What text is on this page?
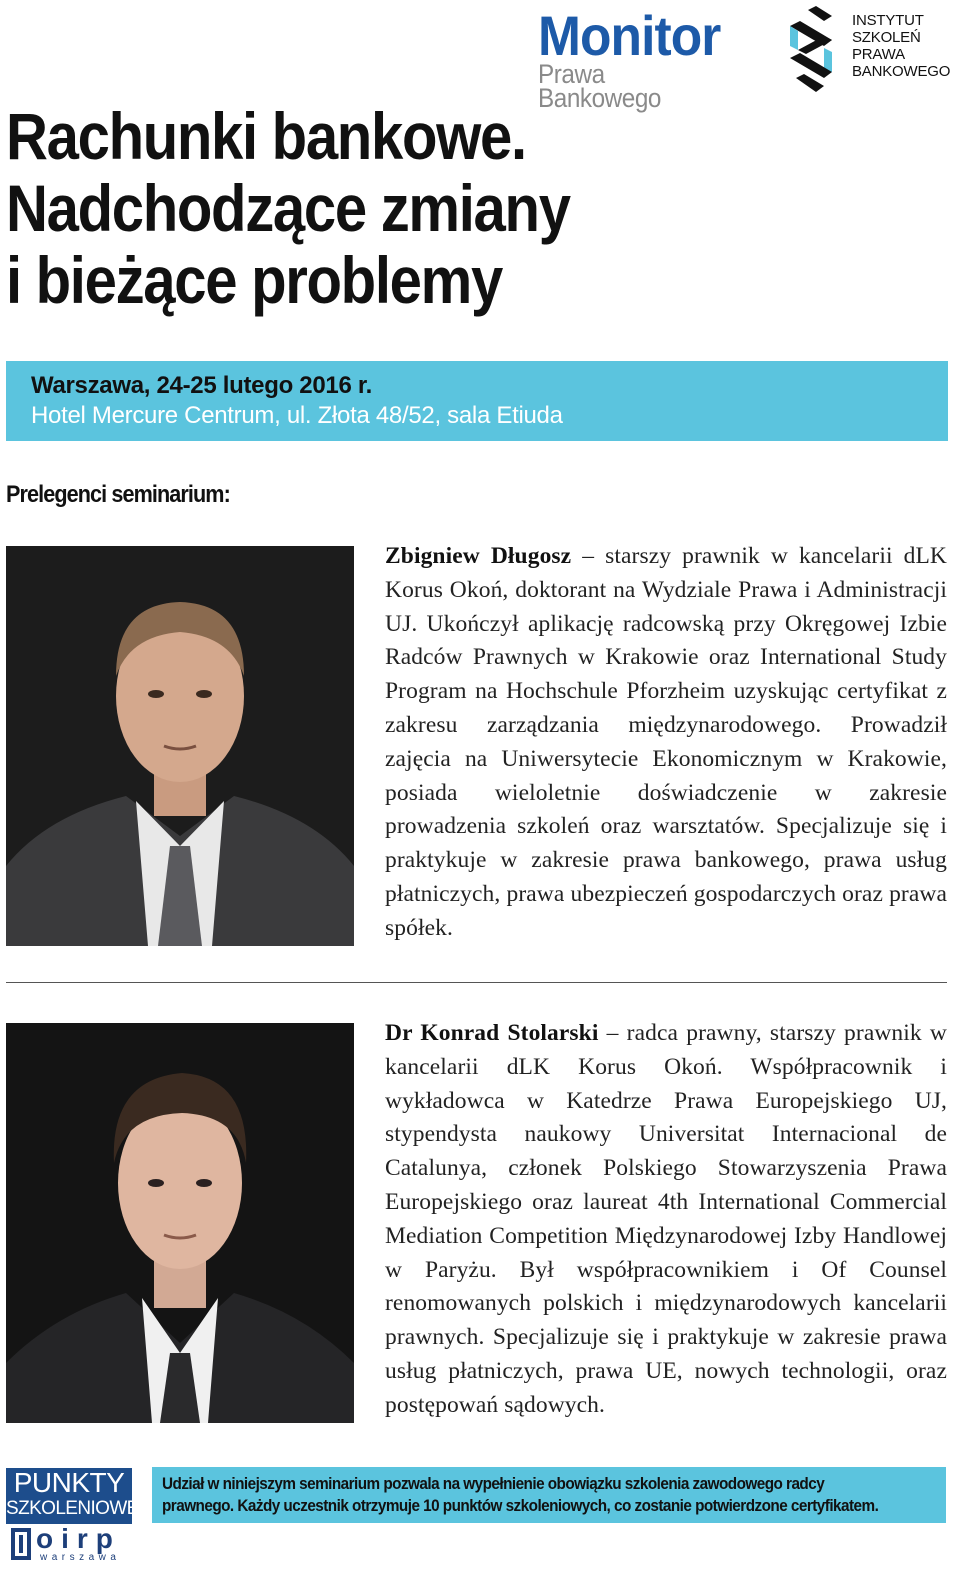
Monitor
Prawa Bankowego
INSTYTUT
SZKOLEŃ
PRAWA
BANKOWEGO
Rachunki bankowe.
Nadchodzące zmiany
i bieżące problemy
Warszawa, 24-25 lutego 2016 r.
Hotel Mercure Centrum, ul. Złota 48/52, sala Etiuda
Prelegenci seminarium:
Zbigniew Długosz – starszy prawnik w kancelarii dLK Korus Okoń, doktorant na Wydziale Prawa i Administracji UJ. Ukończył aplikację radcowską przy Okręgowej Izbie Radców Prawnych w Krakowie oraz International Study Program na Hochschule Pforzheim uzyskując certyfikat z zakresu zarządzania międzynarodowego. Prowadził zajęcia na Uniwersytecie Ekonomicznym w Krakowie, posiada wieloletnie doświadczenie w zakresie prowadzenia szkoleń oraz warsztatów. Specjalizuje się i praktykuje w zakresie prawa bankowego, prawa usług płatniczych, prawa ubezpieczeń gospodarczych oraz prawa spółek.
Dr Konrad Stolarski – radca prawny, starszy prawnik w kancelarii dLK Korus Okoń. Współpracownik i wykładowca w Katedrze Prawa Europejskiego UJ, stypendysta naukowy Universitat Internacional de Catalunya, członek Polskiego Stowarzyszenia Prawa Europejskiego oraz laureat 4th International Commercial Mediation Competition Międzynarodowej Izby Handlowej w Paryżu. Był współpracownikiem i Of Counsel renomowanych polskich i międzynarodowych kancelarii prawnych. Specjalizuje się i praktykuje w zakresie prawa usług płatniczych, prawa UE, nowych technologii, oraz postępowań sądowych.
PUNKTY
SZKOLENIOWE
oirp
warszawa
Udział w niniejszym seminarium pozwala na wypełnienie obowiązku szkolenia zawodowego radcy
prawnego. Każdy uczestnik otrzymuje 10 punktów szkoleniowych, co zostanie potwierdzone certyfikatem.
